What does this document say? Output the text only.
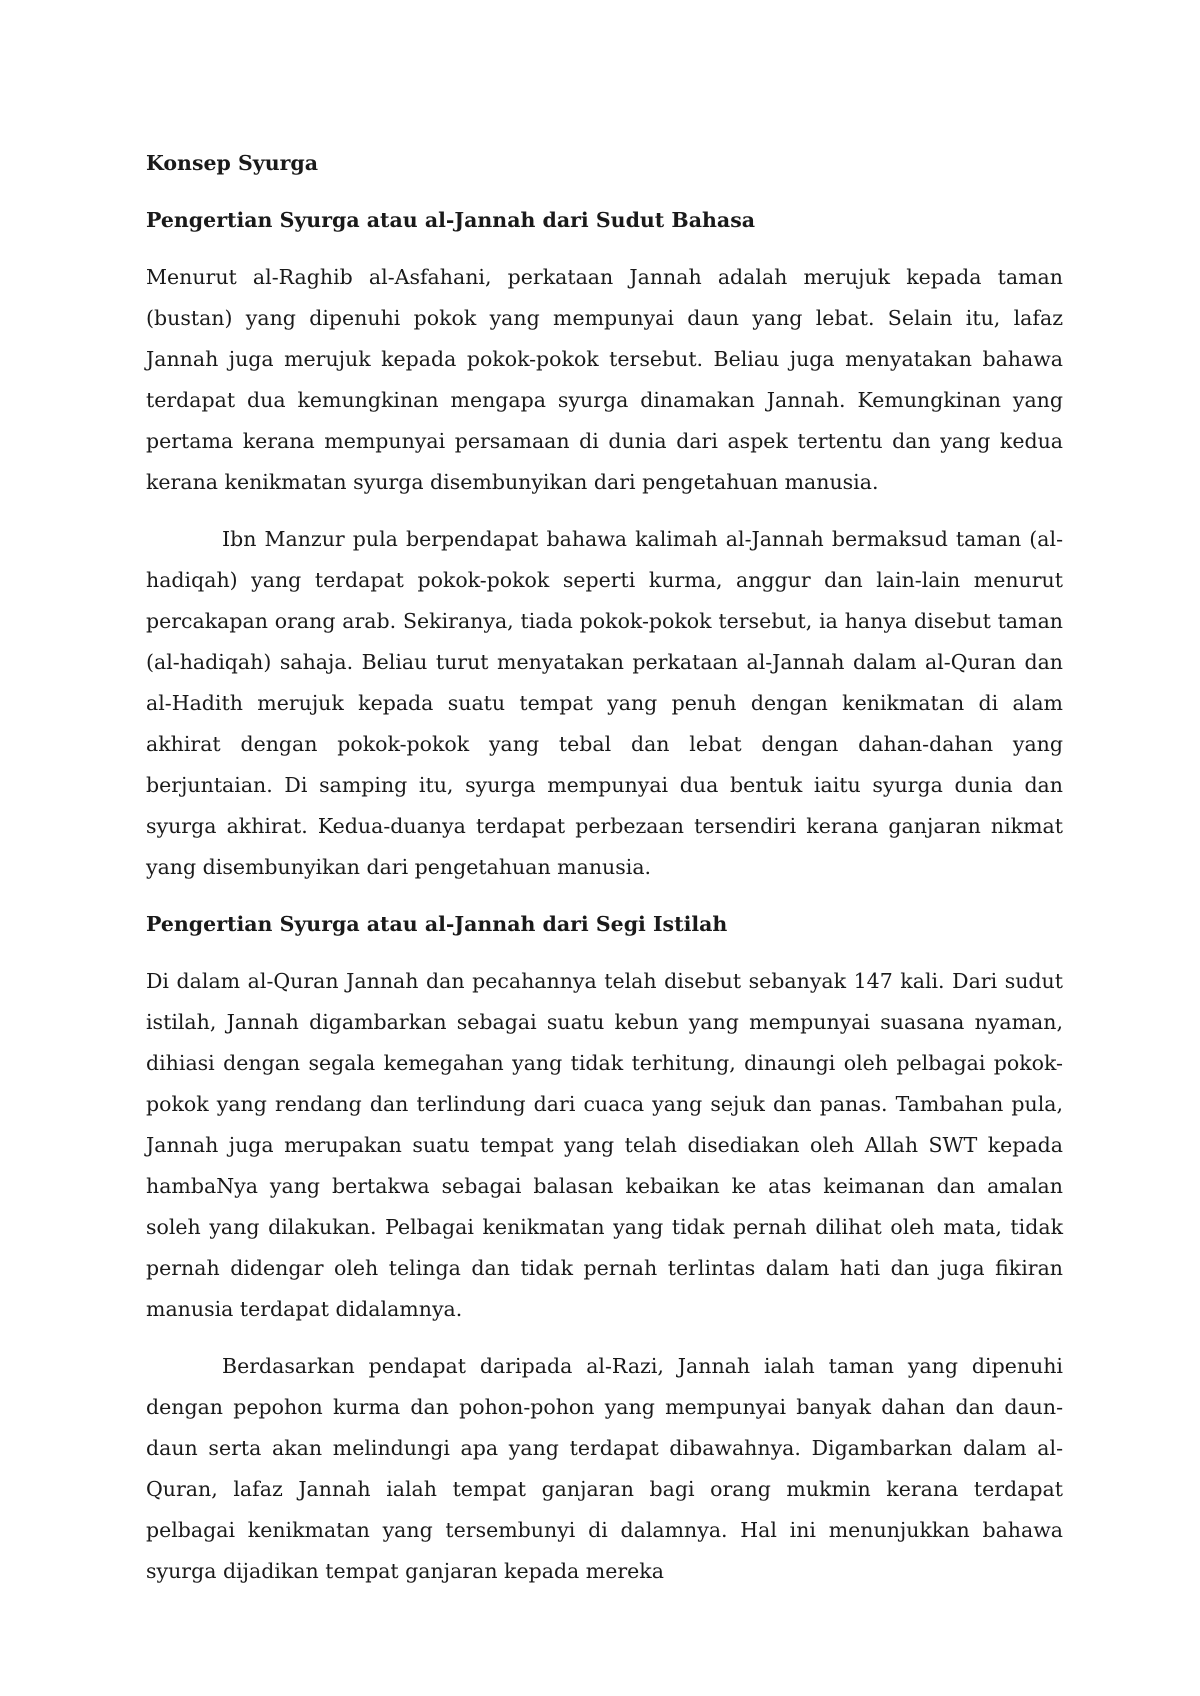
Konsep Syurga

Pengertian Syurga atau al-Jannah dari Sudut Bahasa

Menurut al-Raghib al-Asfahani, perkataan Jannah adalah merujuk kepada taman (bustan) yang dipenuhi pokok yang mempunyai daun yang lebat. Selain itu, lafaz Jannah juga merujuk kepada pokok-pokok tersebut. Beliau juga menyatakan bahawa terdapat dua kemungkinan mengapa syurga dinamakan Jannah. Kemungkinan yang pertama kerana mempunyai persamaan di dunia dari aspek tertentu dan yang kedua kerana kenikmatan syurga disembunyikan dari pengetahuan manusia.

Ibn Manzur pula berpendapat bahawa kalimah al-Jannah bermaksud taman (al-hadiqah) yang terdapat pokok-pokok seperti kurma, anggur dan lain-lain menurut percakapan orang arab. Sekiranya, tiada pokok-pokok tersebut, ia hanya disebut taman (al-hadiqah) sahaja. Beliau turut menyatakan perkataan al-Jannah dalam al-Quran dan al-Hadith merujuk kepada suatu tempat yang penuh dengan kenikmatan di alam akhirat dengan pokok-pokok yang tebal dan lebat dengan dahan-dahan yang berjuntaian. Di samping itu, syurga mempunyai dua bentuk iaitu syurga dunia dan syurga akhirat. Kedua-duanya terdapat perbezaan tersendiri kerana ganjaran nikmat yang disembunyikan dari pengetahuan manusia.

Pengertian Syurga atau al-Jannah dari Segi Istilah

Di dalam al-Quran Jannah dan pecahannya telah disebut sebanyak 147 kali. Dari sudut istilah, Jannah digambarkan sebagai suatu kebun yang mempunyai suasana nyaman, dihiasi dengan segala kemegahan yang tidak terhitung, dinaungi oleh pelbagai pokok-pokok yang rendang dan terlindung dari cuaca yang sejuk dan panas. Tambahan pula, Jannah juga merupakan suatu tempat yang telah disediakan oleh Allah SWT kepada hambaNya yang bertakwa sebagai balasan kebaikan ke atas keimanan dan amalan soleh yang dilakukan. Pelbagai kenikmatan yang tidak pernah dilihat oleh mata, tidak pernah didengar oleh telinga dan tidak pernah terlintas dalam hati dan juga fikiran manusia terdapat didalamnya.

Berdasarkan pendapat daripada al-Razi, Jannah ialah taman yang dipenuhi dengan pepohon kurma dan pohon-pohon yang mempunyai banyak dahan dan daun-daun serta akan melindungi apa yang terdapat dibawahnya. Digambarkan dalam al-Quran, lafaz Jannah ialah tempat ganjaran bagi orang mukmin kerana terdapat pelbagai kenikmatan yang tersembunyi di dalamnya. Hal ini menunjukkan bahawa syurga dijadikan tempat ganjaran kepada mereka
